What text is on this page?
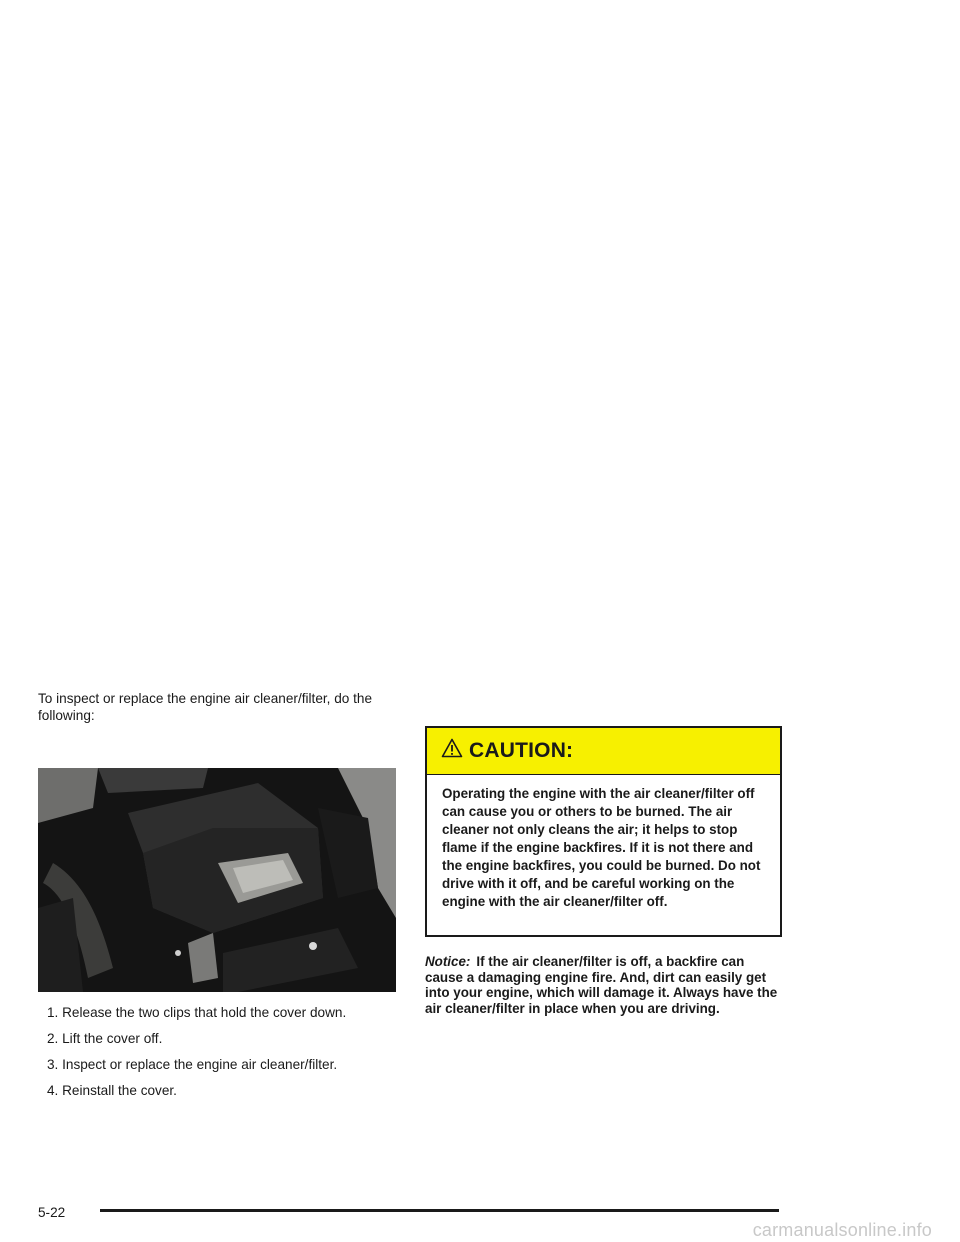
To inspect or replace the engine air cleaner/filter, do the following:
1. Release the two clips that hold the cover down.
2. Lift the cover off.
3. Inspect or replace the engine air cleaner/filter.
4. Reinstall the cover.
CAUTION:
Operating the engine with the air cleaner/filter off can cause you or others to be burned. The air cleaner not only cleans the air; it helps to stop flame if the engine backfires. If it is not there and the engine backfires, you could be burned. Do not drive with it off, and be careful working on the engine with the air cleaner/filter off.
Notice: If the air cleaner/filter is off, a backfire can cause a damaging engine fire. And, dirt can easily get into your engine, which will damage it. Always have the air cleaner/filter in place when you are driving.
5-22
carmanualsonline.info
